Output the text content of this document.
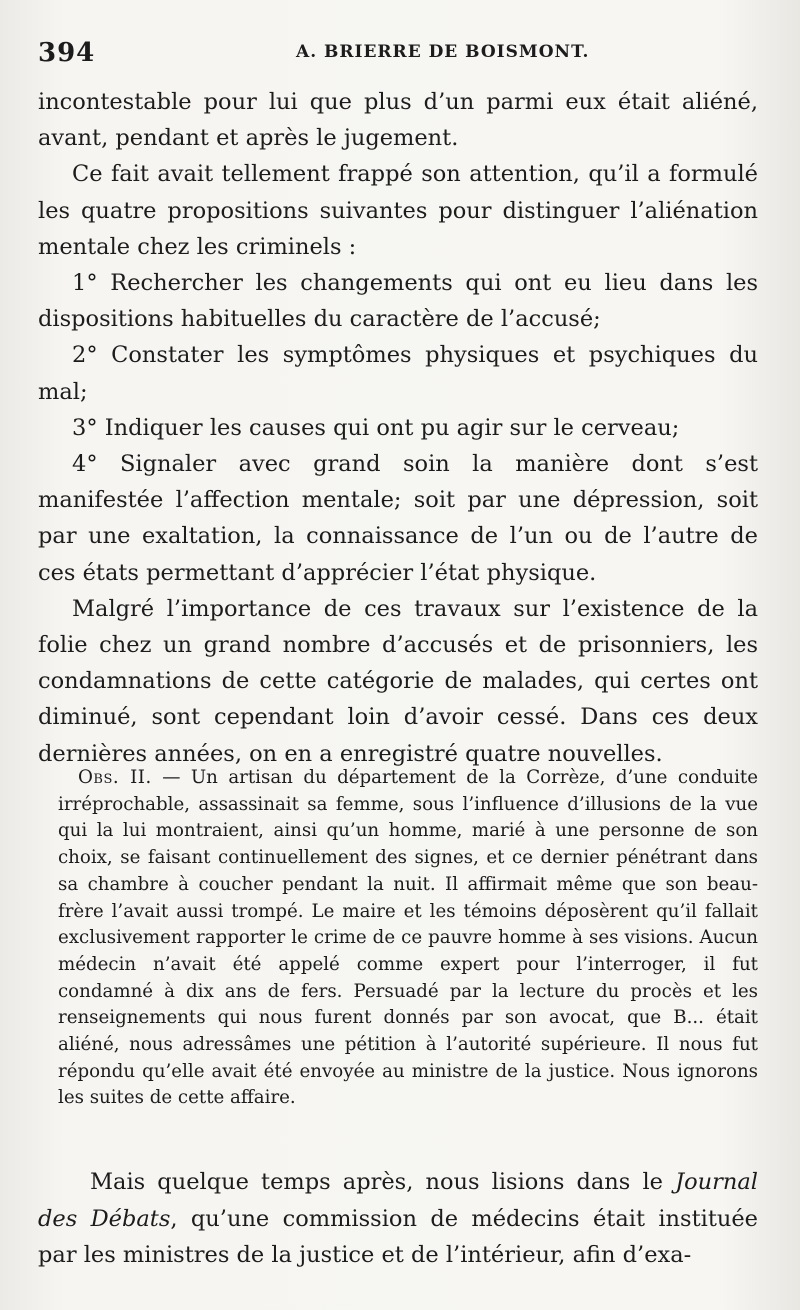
394	A. BRIERRE DE BOISMONT.

incontestable pour lui que plus d’un parmi eux était aliéné, avant, pendant et après le jugement.

Ce fait avait tellement frappé son attention, qu’il a formulé les quatre propositions suivantes pour distinguer l’aliénation mentale chez les criminels :

1° Rechercher les changements qui ont eu lieu dans les dispositions habituelles du caractère de l’accusé;

2° Constater les symptômes physiques et psychiques du mal;

3° Indiquer les causes qui ont pu agir sur le cerveau;

4° Signaler avec grand soin la manière dont s’est manifestée l’affection mentale; soit par une dépression, soit par une exaltation, la connaissance de l’un ou de l’autre de ces états permettant d’apprécier l’état physique.

Malgré l’importance de ces travaux sur l’existence de la folie chez un grand nombre d’accusés et de prisonniers, les condamnations de cette catégorie de malades, qui certes ont diminué, sont cependant loin d’avoir cessé. Dans ces deux dernières années, on en a enregistré quatre nouvelles.

Obs. II. — Un artisan du département de la Corrèze, d’une conduite irréprochable, assassinait sa femme, sous l’influence d’illusions de la vue qui la lui montraient, ainsi qu’un homme, marié à une personne de son choix, se faisant continuellement des signes, et ce dernier pénétrant dans sa chambre à coucher pendant la nuit. Il affirmait même que son beau-frère l’avait aussi trompé. Le maire et les témoins déposèrent qu’il fallait exclusivement rapporter le crime de ce pauvre homme à ses visions. Aucun médecin n’avait été appelé comme expert pour l’interroger, il fut condamné à dix ans de fers. Persuadé par la lecture du procès et les renseignements qui nous furent donnés par son avocat, que B... était aliéné, nous adressâmes une pétition à l’autorité supérieure. Il nous fut répondu qu’elle avait été envoyée au ministre de la justice. Nous ignorons les suites de cette affaire.

Mais quelque temps après, nous lisions dans le Journal des Débats, qu’une commission de médecins était instituée par les ministres de la justice et de l’intérieur, afin d’exa-
